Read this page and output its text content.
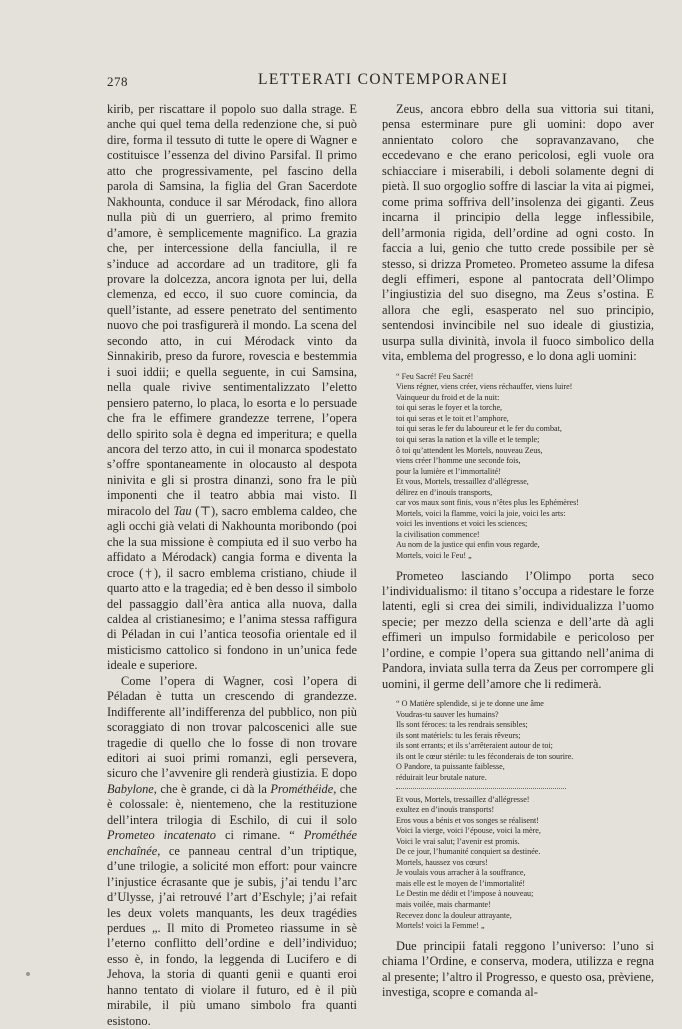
278	LETTERATI CONTEMPORANEI

kirib, per riscattare il popolo suo dalla strage. E anche qui quel tema della redenzione che, si può dire, forma il tessuto di tutte le opere di Wagner e costituisce l’essenza del divino Parsifal. Il primo atto che progressivamente, pel fascino della parola di Samsina, la figlia del Gran Sacerdote Nakhounta, conduce il sar Mérodack, fino allora nulla più di un guerriero, al primo fremito d’amore, è semplicemente magnifico. La grazia che, per intercessione della fanciulla, il re s’induce ad accordare ad un traditore, gli fa provare la dolcezza, ancora ignota per lui, della clemenza, ed ecco, il suo cuore comincia, da quell’istante, ad essere penetrato del sentimento nuovo che poi trasfigurerà il mondo. La scena del secondo atto, in cui Mérodack vinto da Sinnakirib, preso da furore, rovescia e bestemmia i suoi iddii; e quella seguente, in cui Samsina, nella quale rivive sentimentalizzato l’eletto pensiero paterno, lo placa, lo esorta e lo persuade che fra le effimere grandezze terrene, l’opera dello spirito sola è degna ed imperitura; e quella ancora del terzo atto, in cui il monarca spodestato s’offre spontaneamente in olocausto al despota ninivita e gli si prostra dinanzi, sono fra le più imponenti che il teatro abbia mai visto. Il miracolo del Tau (⊤), sacro emblema caldeo, che agli occhi già velati di Nakhounta moribondo (poi che la sua missione è compiuta ed il suo verbo ha affidato a Mérodack) cangia forma e diventa la croce (†), il sacro emblema cristiano, chiude il quarto atto e la tragedia; ed è ben desso il simbolo del passaggio dall’èra antica alla nuova, dalla caldea al cristianesimo; e l’anima stessa raffigura di Péladan in cui l’antica teosofia orientale ed il misticismo cattolico si fondono in un’unica fede ideale e superiore.

Come l’opera di Wagner, così l’opera di Péladan è tutta un crescendo di grandezze. Indifferente all’indifferenza del pubblico, non più scoraggiato di non trovar palcoscenici alle sue tragedie di quello che lo fosse di non trovare editori ai suoi primi romanzi, egli persevera, sicuro che l’avvenire gli renderà giustizia. E dopo Babylone, che è grande, ci dà la Prométhéide, che è colossale: è, nientemeno, che la restituzione dell’intera trilogia di Eschilo, di cui il solo Prometeo incatenato ci rimane. “ Prométhée enchaînée, ce panneau central d’un triptique, d’une trilogie, a solicité mon effort: pour vaincre l’injustice écrasante que je subis, j’ai tendu l’arc d’Ulysse, j’ai retrouvé l’art d’Eschyle; j’ai refait les deux volets manquants, les deux tragédies perdues „. Il mito di Prometeo riassume in sè l’eterno conflitto dell’ordine e dell’individuo; esso è, in fondo, la leggenda di Lucifero e di Jehova, la storia di quanti genii e quanti eroi hanno tentato di violare il futuro, ed è il più mirabile, il più umano simbolo fra quanti esistono.

Zeus, ancora ebbro della sua vittoria sui titani, pensa esterminare pure gli uomini: dopo aver annientato coloro che sopravanzavano, che eccedevano e che erano pericolosi, egli vuole ora schiacciare i miserabili, i deboli solamente degni di pietà. Il suo orgoglio soffre di lasciar la vita ai pigmei, come prima soffriva dell’insolenza dei giganti. Zeus incarna il principio della legge inflessibile, dell’armonia rigida, dell’ordine ad ogni costo. In faccia a lui, genio che tutto crede possibile per sè stesso, si drizza Prometeo. Prometeo assume la difesa degli effimeri, espone al pantocrata dell’Olimpo l’ingiustizia del suo disegno, ma Zeus s’ostina. E allora che egli, esasperato nel suo principio, sentendosi invincibile nel suo ideale di giustizia, usurpa sulla divinità, invola il fuoco simbolico della vita, emblema del progresso, e lo dona agli uomini:

“ Feu Sacré! Feu Sacré!
Viens régner, viens créer, viens réchauffer, viens luire!
Vainqueur du froid et de la nuit:
toi qui seras le foyer et la torche,
toi qui seras et le toit et l’amphore,
toi qui seras le fer du laboureur et le fer du combat,
toi qui seras la nation et la ville et le temple;
ô toi qu’attendent les Mortels, nouveau Zeus,
viens créer l’homme une seconde fois,
pour la lumière et l’immortalité!
Et vous, Mortels, tressaillez d’allégresse,
délirez en d’inouïs transports,
car vos maux sont finis, vous n’êtes plus les Ephémères!
Mortels, voici la flamme, voici la joie, voici les arts:
voici les inventions et voici les sciences;
la civilisation commence!
Au nom de la justice qui enfin vous regarde,
Mortels, voici le Feu! „

Prometeo lasciando l’Olimpo porta seco l’individualismo: il titano s’occupa a ridestare le forze latenti, egli si crea dei simili, individualizza l’uomo specie; per mezzo della scienza e dell’arte dà agli effimeri un impulso formidabile e pericoloso per l’ordine, e compie l’opera sua gittando nell’anima di Pandora, inviata sulla terra da Zeus per corrompere gli uomini, il germe dell’amore che li redimerà.

“ O Matière splendide, si je te donne une âme
Voudras-tu sauver les humains?
Ils sont féroces: ta les rendrais sensibles;
ils sont matériels: tu les ferais rêveurs;
ils sont errants; et ils s’arrêteraient autour de toi;
ils ont le cœur stérile: tu les féconderais de ton sourire.
O Pandore, ta puissante faiblesse,
réduirait leur brutale nature.
Et vous, Mortels, tressaillez d’allégresse!
exultez en d’inouïs transports!
Eros vous a bénis et vos songes se réalisent!
Voici la vierge, voici l’épouse, voici la mère,
Voici le vrai salut; l’avenir est promis.
De ce jour, l’humanité conquiert sa destinée.
Mortels, haussez vos cœurs!
Je voulais vous arracher à la souffrance,
mais elle est le moyen de l’immortalité!
Le Destin me dédit et l’impose à nouveau;
mais voilée, mais charmante!
Recevez donc la douleur attrayante,
Mortels! voici la Femme! „

Due principii fatali reggono l’universo: l’uno si chiama l’Ordine, e conserva, modera, utilizza e regna al presente; l’altro il Progresso, e questo osa, prèviene, investiga, scopre e comanda al-
